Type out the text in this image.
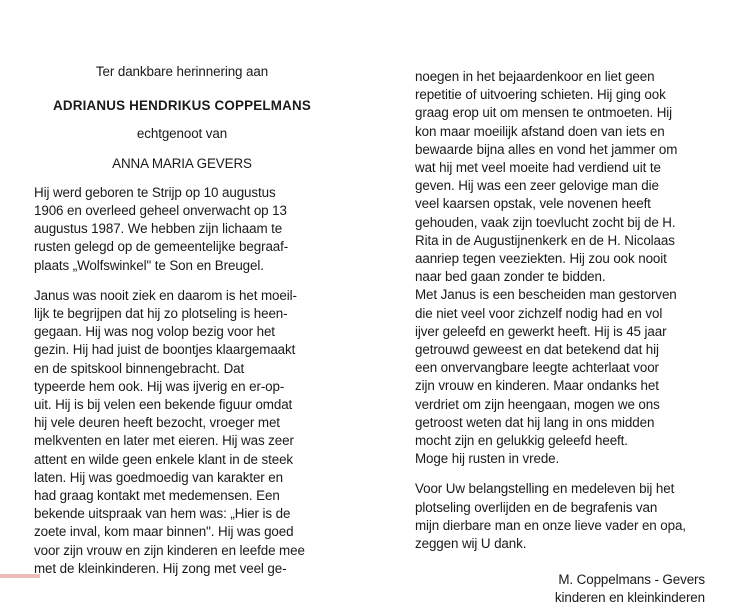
Ter dankbare herinnering aan
ADRIANUS HENDRIKUS COPPELMANS
echtgenoot van
ANNA MARIA GEVERS
Hij werd geboren te Strijp op 10 augustus
1906 en overleed geheel onverwacht op 13
augustus 1987. We hebben zijn lichaam te
rusten gelegd op de gemeentelijke begraaf-
plaats „Wolfswinkel" te Son en Breugel.
Janus was nooit ziek en daarom is het moeil-
lijk te begrijpen dat hij zo plotseling is heen-
gegaan. Hij was nog volop bezig voor het
gezin. Hij had juist de boontjes klaargemaakt
en de spitskool binnengebracht. Dat
typeerde hem ook. Hij was ijverig en er-op-
uit. Hij is bij velen een bekende figuur omdat
hij vele deuren heeft bezocht, vroeger met
melkventen en later met eieren. Hij was zeer
attent en wilde geen enkele klant in de steek
laten. Hij was goedmoedig van karakter en
had graag kontakt met medemensen. Een
bekende uitspraak van hem was: „Hier is de
zoete inval, kom maar binnen". Hij was goed
voor zijn vrouw en zijn kinderen en leefde mee
met de kleinkinderen. Hij zong met veel ge-
noegen in het bejaardenkoor en liet geen
repetitie of uitvoering schieten. Hij ging ook
graag erop uit om mensen te ontmoeten. Hij
kon maar moeilijk afstand doen van iets en
bewaarde bijna alles en vond het jammer om
wat hij met veel moeite had verdiend uit te
geven. Hij was een zeer gelovige man die
veel kaarsen opstak, vele novenen heeft
gehouden, vaak zijn toevlucht zocht bij de H.
Rita in de Augustijnenkerk en de H. Nicolaas
aanriep tegen veeziekten. Hij zou ook nooit
naar bed gaan zonder te bidden.
Met Janus is een bescheiden man gestorven
die niet veel voor zichzelf nodig had en vol
ijver geleefd en gewerkt heeft. Hij is 45 jaar
getrouwd geweest en dat betekend dat hij
een onvervangbare leegte achterlaat voor
zijn vrouw en kinderen. Maar ondanks het
verdriet om zijn heengaan, mogen we ons
getroost weten dat hij lang in ons midden
mocht zijn en gelukkig geleefd heeft.
Moge hij rusten in vrede.
Voor Uw belangstelling en medeleven bij het
plotseling overlijden en de begrafenis van
mijn dierbare man en onze lieve vader en opa,
zeggen wij U dank.
M. Coppelmans - Gevers
kinderen en kleinkinderen
